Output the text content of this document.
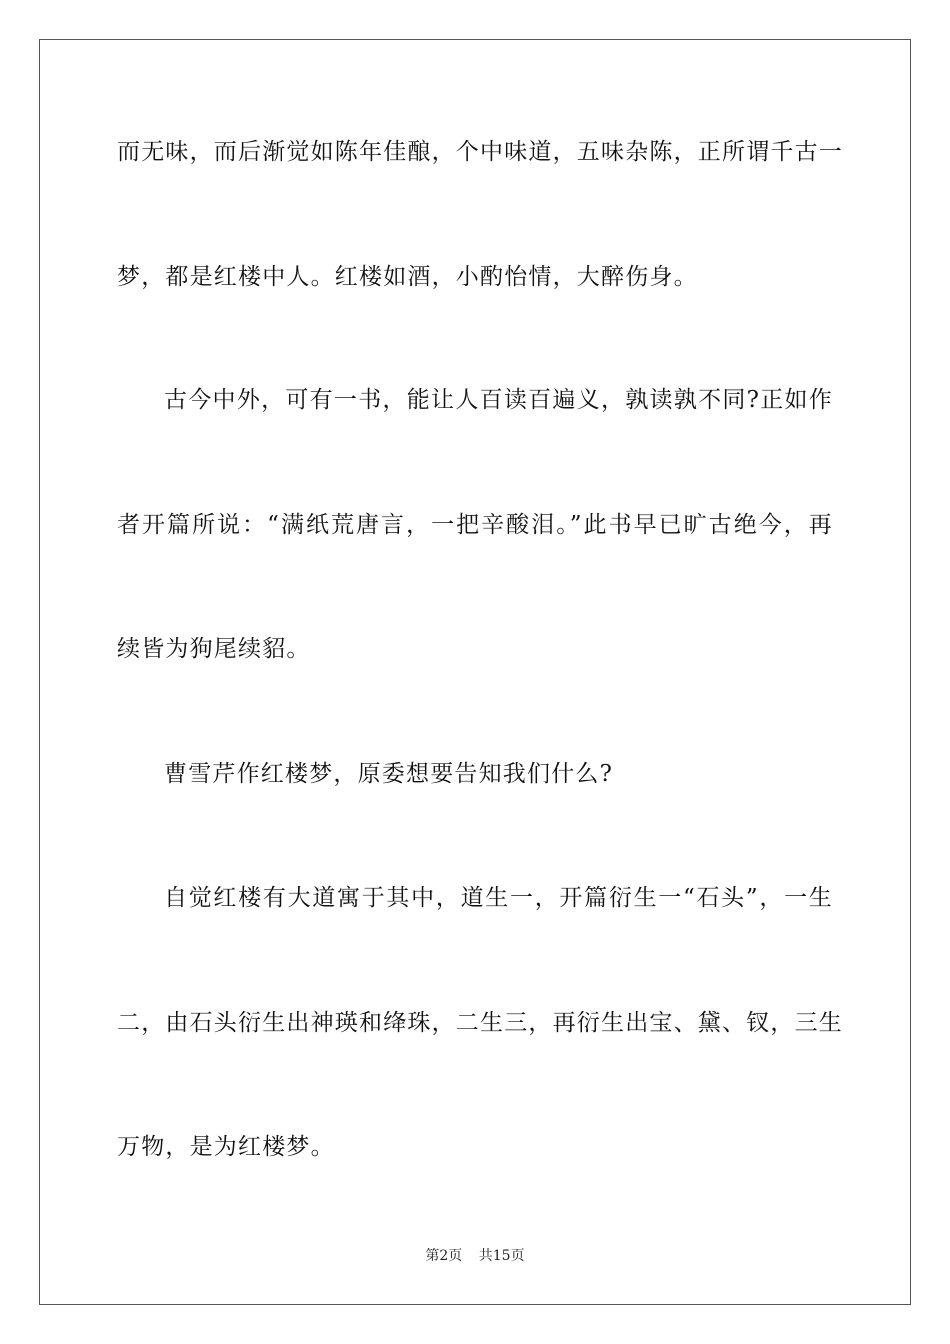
而无味，而后渐觉如陈年佳酿，个中味道，五味杂陈，正所谓千古一
梦，都是红楼中人。红楼如酒，小酌怡情，大醉伤身。
古今中外，可有一书，能让人百读百遍义，孰读孰不同?正如作
者开篇所说：“满纸荒唐言，一把辛酸泪。”此书早已旷古绝今，再
续皆为狗尾续貂。
曹雪芹作红楼梦，原委想要告知我们什么?
自觉红楼有大道寓于其中，道生一，开篇衍生一“石头”，一生
二，由石头衍生出神瑛和绛珠，二生三，再衍生出宝、黛、钗，三生
万物，是为红楼梦。
第2页 共15页
